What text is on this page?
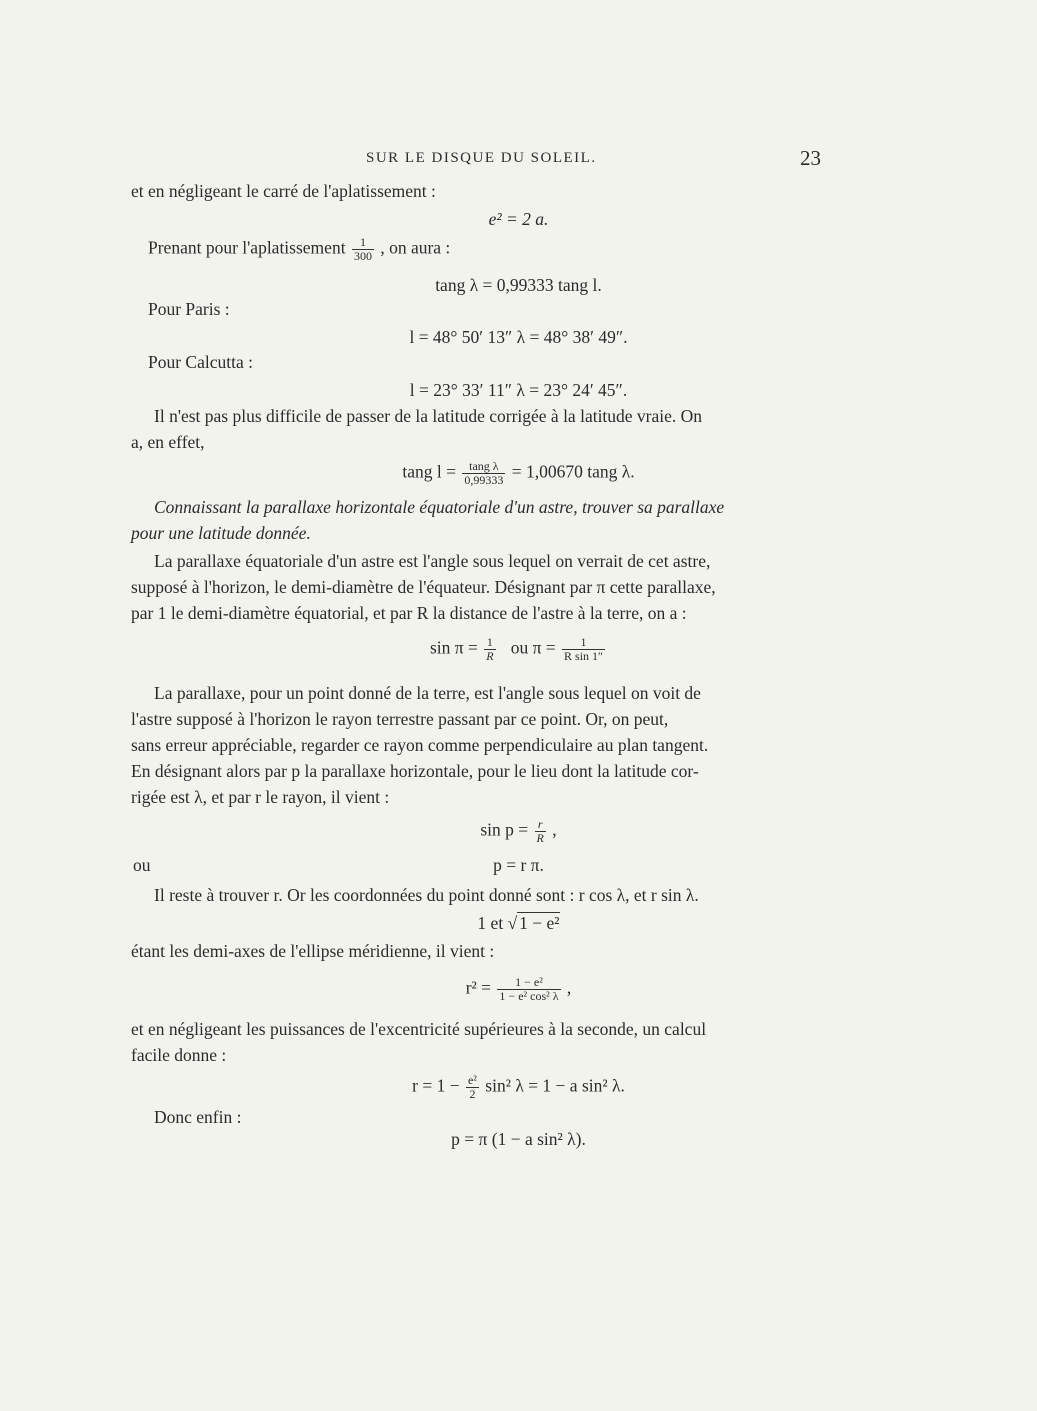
SUR LE DISQUE DU SOLEIL.	23
et en négligeant le carré de l'aplatissement :
e² = 2 a.
Prenant pour l'aplatissement $\frac{1}{300}$ , on aura :
tang λ = 0,99333 tang l.
Pour Paris :
l = 48° 50′ 13″ λ = 48° 38′ 49″.
Pour Calcutta :
l = 23° 33′ 11″ λ = 23° 24′ 45″.
Il n'est pas plus difficile de passer de la latitude corrigée à la latitude vraie. On
a, en effet,
tang $l = \frac{\text{tang λ}}{0,99333} = 1,00670$ tang λ.
Connaissant la parallaxe horizontale équatoriale d'un astre, trouver sa parallaxe
pour une latitude donnée.
La parallaxe équatoriale d'un astre est l'angle sous lequel on verrait de cet astre,
supposé à l'horizon, le demi-diamètre de l'équateur. Désignant par π cette parallaxe,
par 1 le demi-diamètre équatorial, et par R la distance de l'astre à la terre, on a :
$\sin \pi = \frac{1}{R}$ ou $\pi = \frac{1}{\text{R sin 1″}}$
La parallaxe, pour un point donné de la terre, est l'angle sous lequel on voit de
l'astre supposé à l'horizon le rayon terrestre passant par ce point. Or, on peut,
sans erreur appréciable, regarder ce rayon comme perpendiculaire au plan tangent.
En désignant alors par p la parallaxe horizontale, pour le lieu dont la latitude cor-
rigée est λ, et par r le rayon, il vient :
$\sin p = \frac{r}{R}$ ,
ou	p = r π.
Il reste à trouver r. Or les coordonnées du point donné sont : r cos λ, et r sin λ.
1 et √ 1 − e²
étant les demi-axes de l'ellipse méridienne, il vient :
$r^2 = \frac{\text{1 − e²}}{\text{1 − e² cos² λ}}$ ,
et en négligeant les puissances de l'excentricité supérieures à la seconde, un calcul
facile donne :
$r = 1 - \frac{\text{e²}}{2} \sin^2$ λ = 1 − a sin² λ.
Donc enfin :
p = π (1 − a sin² λ).
